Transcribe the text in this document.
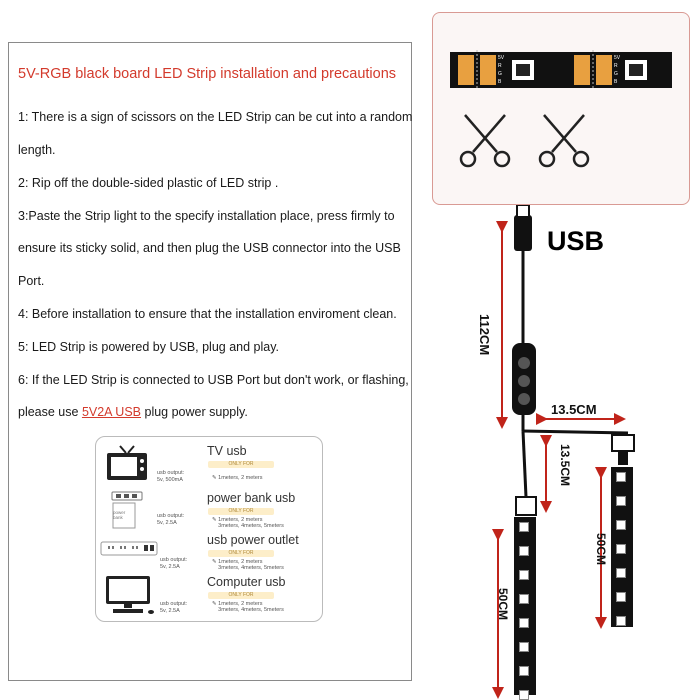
5V-RGB black board LED Strip installation and precautions
1: There is a sign of scissors on the LED Strip can be cut into a random
length.
2: Rip off the double-sided plastic of LED strip .
3:Paste the Strip light to the specify installation place, press firmly to
ensure its sticky solid, and then plug the USB connector into the USB
Port.
4: Before installation to ensure that the installation enviroment clean.
5: LED Strip is powered by USB, plug and play.
6: If the LED Strip is connected to USB Port but don't work, or flashing,
please use 5V2A USB plug power supply.
usb output:
5v, 500mA
TV usb
ONLY FOR
✎ 1meters, 2 meters
power
bank	usb output:
5v, 2.5A
power bank usb
ONLY FOR
✎ 1meters, 2 meters
3meters, 4meters, 5meters
usb output:
5v, 2.5A
usb power outlet
ONLY FOR
✎ 1meters, 2 meters
3meters, 4meters, 5meters
usb output:
5v, 2.5A
Computer usb
ONLY FOR
✎ 1meters, 2 meters
3meters, 4meters, 5meters
5V
R
G
B
5V
R
G
B
USB
112CM
13.5CM
13.5CM
50CM
50CM
